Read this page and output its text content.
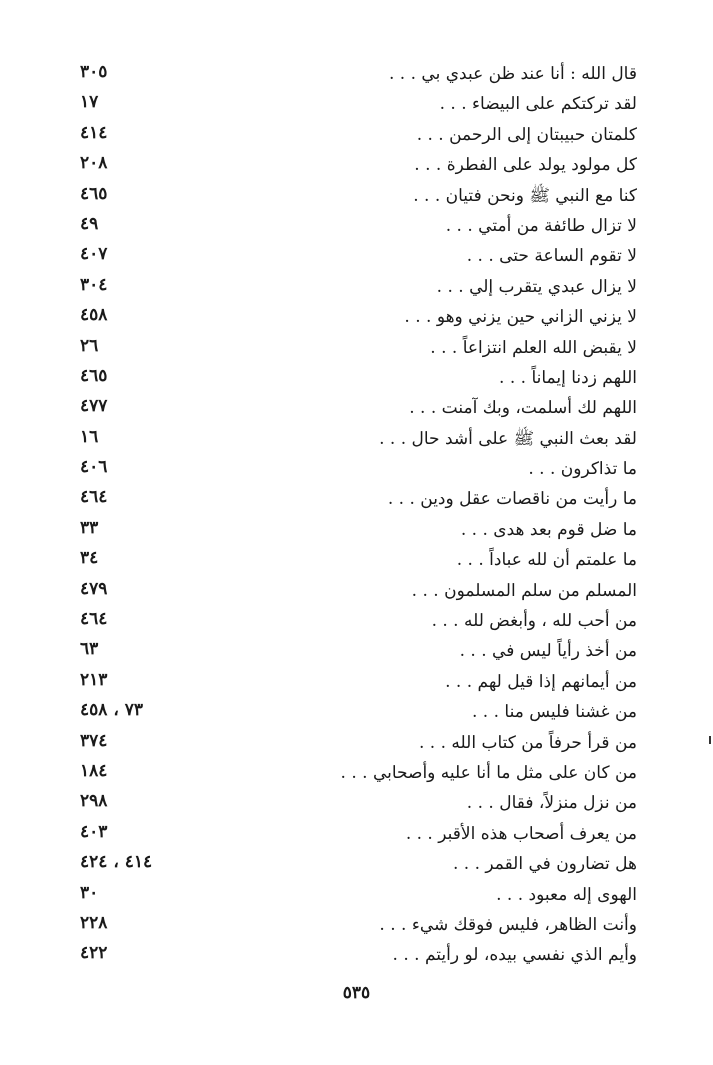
قال الله : أنا عند ظن عبدي بي . . .
٣٠٥
لقد تركتكم على البيضاء . . .
١٧
كلمتان حبيبتان إلى الرحمن . . .
٤١٤
كل مولود يولد على الفطرة . . .
٢٠٨
كنا مع النبي ﷺ ونحن فتيان . . .
٤٦٥
لا تزال طائفة من أمتي . . .
٤٩
لا تقوم الساعة حتى . . .
٤٠٧
لا يزال عبدي يتقرب إلي . . .
٣٠٤
لا يزني الزاني حين يزني وهو . . .
٤٥٨
لا يقبض الله العلم انتزاعاً . . .
٢٦
اللهم زدنا إيماناً . . .
٤٦٥
اللهم لك أسلمت، وبك آمنت . . .
٤٧٧
لقد بعث النبي ﷺ على أشد حال . . .
١٦
ما تذاكرون . . .
٤٠٦
ما رأيت من ناقصات عقل ودين . . .
٤٦٤
ما ضل قوم بعد هدى . . .
٣٣
ما علمتم أن لله عباداً . . .
٣٤
المسلم من سلم المسلمون . . .
٤٧٩
من أحب لله ، وأبغض لله . . .
٤٦٤
من أخذ رأياً ليس في . . .
٦٣
من أيمانهم إذا قيل لهم . . .
٢١٣
من غشنا فليس منا . . .
٧٣ ، ٤٥٨
من قرأ حرفاً من كتاب الله . . .
٣٧٤
من كان على مثل ما أنا عليه وأصحابي . . .
١٨٤
من نزل منزلاً، فقال . . .
٢٩٨
من يعرف أصحاب هذه الأقبر . . .
٤٠٣
هل تضارون في القمر . . .
٤١٤ ، ٤٢٤
الهوى إله معبود . . .
٣٠
وأنت الظاهر، فليس فوقك شيء . . .
٢٢٨
وأيم الذي نفسي بيده، لو رأيتم . . .
٤٢٢
٥٣٥
